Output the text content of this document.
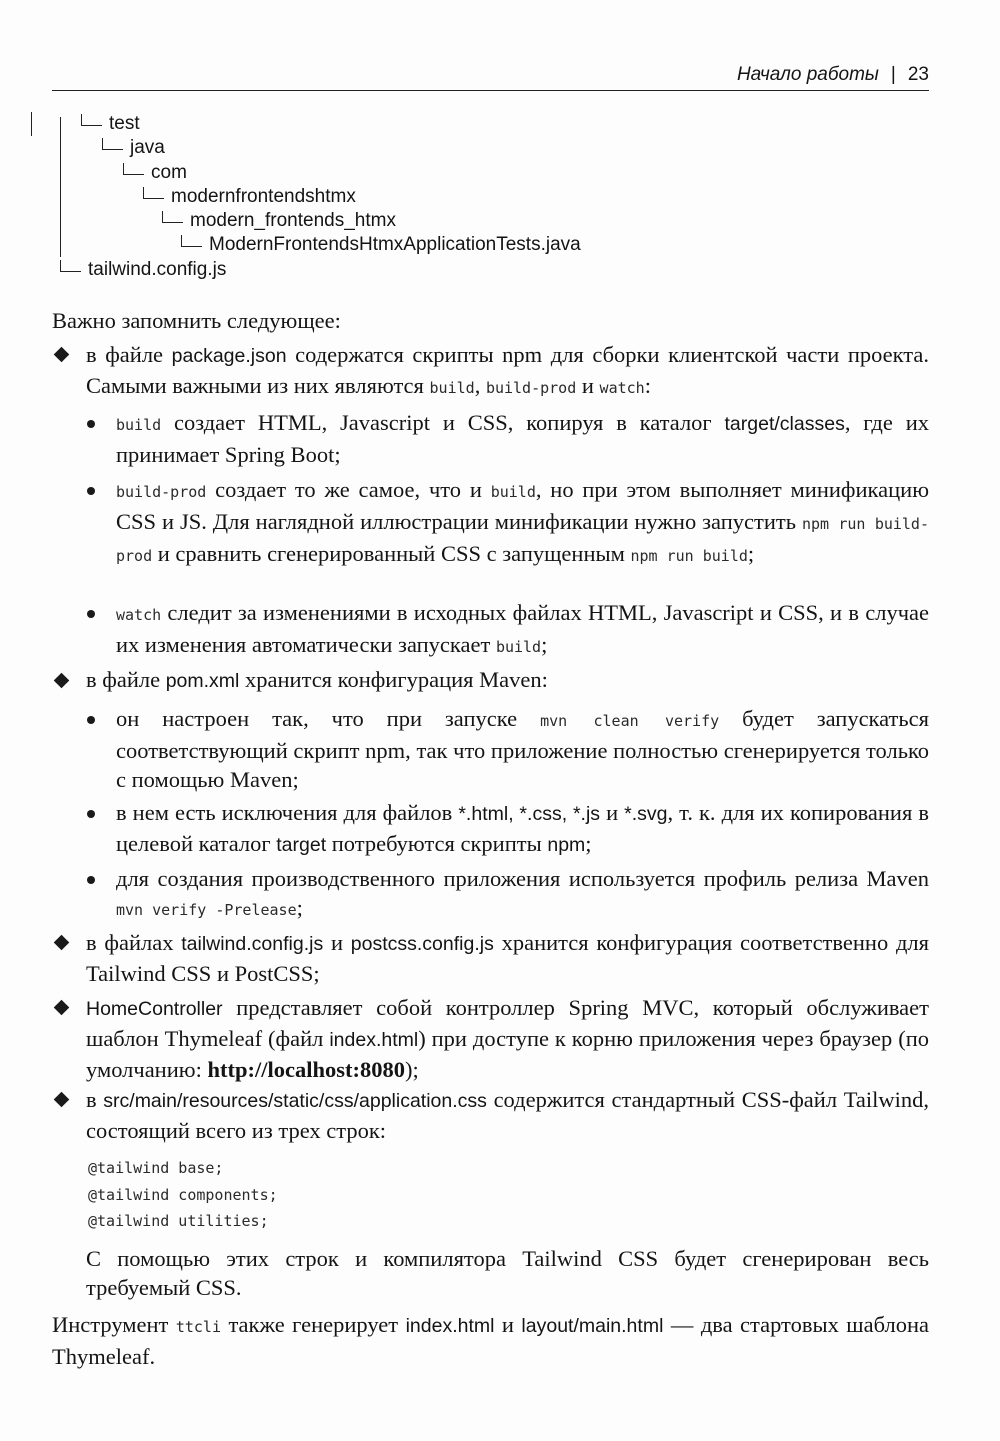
Начало работы | 23
test
java
com
modernfrontendshtmx
modern_frontends_htmx
ModernFrontendsHtmxApplicationTests.java
tailwind.config.js
Важно запомнить следующее:
в файле package.json содержатся скрипты npm для сборки клиентской части проекта. Самыми важными из них являются build, build-prod и watch:
build создает HTML, Javascript и CSS, копируя в каталог target/classes, где их принимает Spring Boot;
build-prod создает то же самое, что и build, но при этом выполняет минификацию CSS и JS. Для наглядной иллюстрации минификации нужно запустить npm run build-prod и сравнить сгенерированный CSS с запущенным npm run build;
watch следит за изменениями в исходных файлах HTML, Javascript и CSS, и в случае их изменения автоматически запускает build;
в файле pom.xml хранится конфигурация Maven:
он настроен так, что при запуске mvn clean verify будет запускаться соответствующий скрипт npm, так что приложение полностью сгенерируется только с помощью Maven;
в нем есть исключения для файлов *.html, *.css, *.js и *.svg, т. к. для их копирования в целевой каталог target потребуются скрипты npm;
для создания производственного приложения используется профиль релиза Maven mvn verify -Prelease;
в файлах tailwind.config.js и postcss.config.js хранится конфигурация соответственно для Tailwind CSS и PostCSS;
HomeController представляет собой контроллер Spring MVC, который обслуживает шаблон Thymeleaf (файл index.html) при доступе к корню приложения через браузер (по умолчанию: http://localhost:8080);
в src/main/resources/static/css/application.css содержится стандартный CSS-файл Tailwind, состоящий всего из трех строк:
@tailwind base;
@tailwind components;
@tailwind utilities;
С помощью этих строк и компилятора Tailwind CSS будет сгенерирован весь требуемый CSS.
Инструмент ttcli также генерирует index.html и layout/main.html — два стартовых шаблона Thymeleaf.
